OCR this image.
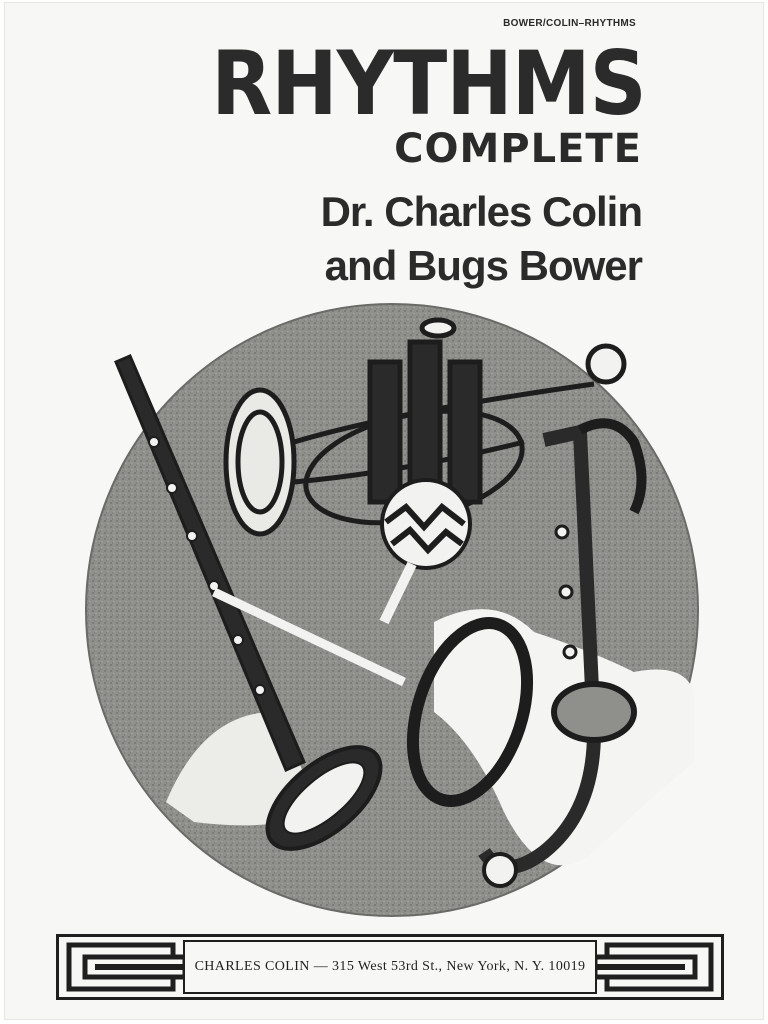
BOWER/COLIN–RHYTHMS
RHYTHMS
COMPLETE
Dr. Charles Colin
and Bugs Bower
CHARLES COLIN — 315 West 53rd St., New York, N. Y. 10019
